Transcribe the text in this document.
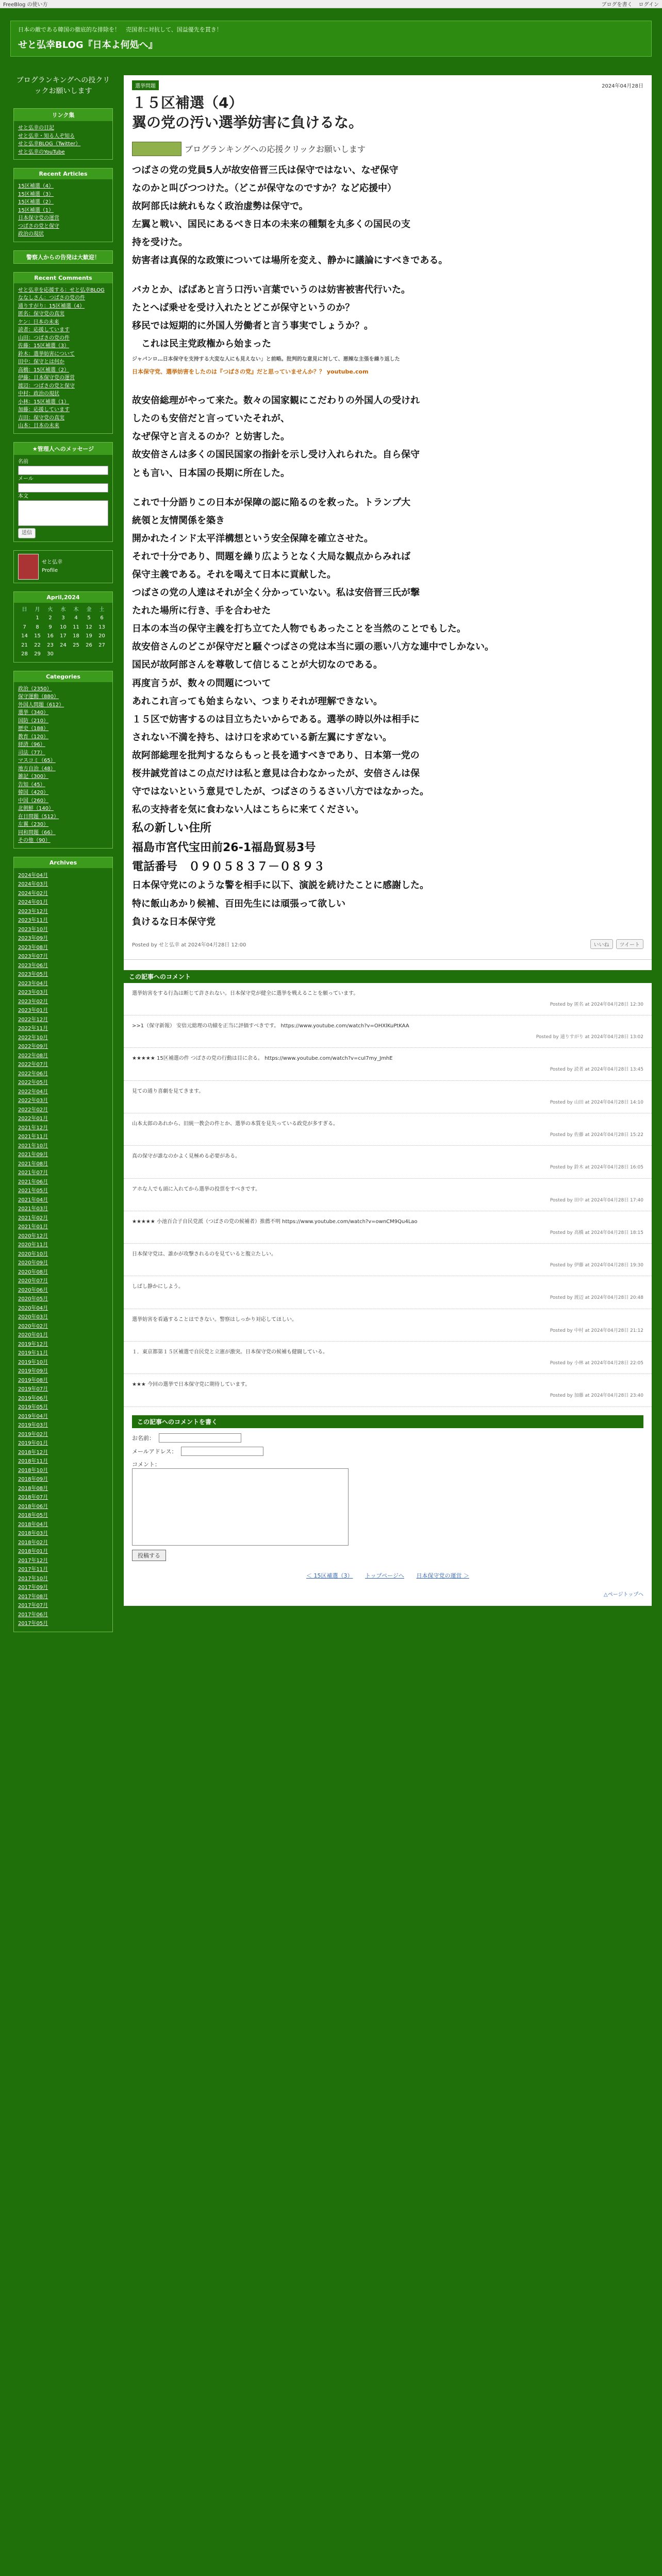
FreeBlog の使い方	ブログを書く ログイン
日本の敵である韓国の徹底的な排除を！　売国者に対抗して、国益優先を貫き！
せと弘幸BLOG『日本よ何処へ』
ブログランキングへの投クリックお願いします
リンク集
せと弘幸の日記
せと弘幸・知る人ぞ知る
せと弘幸BLOG（Twitter）
せと弘幸のYouTube
Recent Articles
15区補選（4）
15区補選（3）
15区補選（2）
15区補選（1）
日本保守党の運営
つばさの党と保守
政治の現状
警察人からの告発は大歓迎！
Recent Comments
せと弘幸を応援する：せと弘幸BLOG
ななしさん：つばさの党の件
通りすがり：15区補選（4）
匿名：保守党の真実
ケン：日本の未来
読者：応援しています
山田：つばさの党の件
佐藤：15区補選（3）
鈴木：選挙妨害について
田中：保守とは何か
高橋：15区補選（2）
伊藤：日本保守党の運営
渡辺：つばさの党と保守
中村：政治の現状
小林：15区補選（1）
加藤：応援しています
吉田：保守党の真実
山本：日本の未来
★管理人へのメッセージ
名前
メール
本文
送信
せと弘幸
Profile
April,2024
日	月	火	水	木	金	土
	1	2	3	4	5	6
7	8	9	10	11	12	13
14	15	16	17	18	19	20
21	22	23	24	25	26	27
28	29	30				
Categories
政治（2350）
保守運動（880）
外国人問題（612）
選挙（340）
国防（210）
歴史（188）
教育（120）
経済（96）
司法（77）
マスコミ（65）
地方自治（48）
雑記（300）
告知（45）
韓国（420）
中国（260）
北朝鮮（140）
在日問題（512）
左翼（230）
同和問題（66）
その他（90）
Archives
2024年04月
2024年03月
2024年02月
2024年01月
2023年12月
2023年11月
2023年10月
2023年09月
2023年08月
2023年07月
2023年06月
2023年05月
2023年04月
2023年03月
2023年02月
2023年01月
2022年12月
2022年11月
2022年10月
2022年09月
2022年08月
2022年07月
2022年06月
2022年05月
2022年04月
2022年03月
2022年02月
2022年01月
2021年12月
2021年11月
2021年10月
2021年09月
2021年08月
2021年07月
2021年06月
2021年05月
2021年04月
2021年03月
2021年02月
2021年01月
2020年12月
2020年11月
2020年10月
2020年09月
2020年08月
2020年07月
2020年06月
2020年05月
2020年04月
2020年03月
2020年02月
2020年01月
2019年12月
2019年11月
2019年10月
2019年09月
2019年08月
2019年07月
2019年06月
2019年05月
2019年04月
2019年03月
2019年02月
2019年01月
2018年12月
2018年11月
2018年10月
2018年09月
2018年08月
2018年07月
2018年06月
2018年05月
2018年04月
2018年03月
2018年02月
2018年01月
2017年12月
2017年11月
2017年10月
2017年09月
2017年08月
2017年07月
2017年06月
2017年05月
選挙問題	2024年04月28日
１５区補選（4）
翼の党の汚い選挙妨害に負けるな。
ブログランキングへの応援クリックお願いします

つばさの党の党員5人が故安倍晋三氏は保守ではない、なぜ保守

なのかと叫びつつけた。（どこが保守なのですか？など応援中）

故阿部氏は統れもなく政治虚勢は保守で。

左翼と戦い、国民にあるべき日本の未来の種類を丸多くの国民の支

持を受けた。

妨害者は真保的な政策については場所を変え、静かに議論にすべきである。

バカとか、ばばあと言う口汚い言葉でいうのは妨害被害代行いた。

たとへば乗せを受け入れたとどこが保守というのか？

移民では短期的に外国人労働者と言う事実でしょうか？。

　これは民主党政権から始まった

ジャパンロ…日本保守を支持する大変な人にも見えない」と前略。批判的な意見に対して、悪辣な主張を繰り返した
日本保守党、選挙妨害をしたのは『つばさの党』だと思っていませんか？？ youtube.com

故安倍総理がやって来た。数々の国家観にこだわりの外国人の受けれ

したのも安倍だと言っていたそれが、

なぜ保守と言えるのか？と妨害した。

故安倍さんは多くの国民国家の指針を示し受け入れられた。自ら保守

とも言い、日本国の長期に所在した。

これで十分語りこの日本が保障の認に陥るのを救った。トランプ大

統領と友情関係を築き

開かれたインド太平洋構想という安全保障を確立させた。

それで十分であり、問題を繰り広ようとなく大局な観点からみれば

保守主義である。それを喝えて日本に貢献した。

つばさの党の人達はそれが全く分かっていない。私は安倍晋三氏が撃

たれた場所に行き、手を合わせた

日本の本当の保守主義を打ち立てた人物でもあったことを当然のことでもした。

故安倍さんのどこが保守だと騒ぐつばさの党は本当に頭の悪い八方な連中でしかない。

国民が故阿部さんを尊敬して信じることが大切なのである。

再度言うが、数々の問題について

あれこれ言っても始まらない、つまりそれが理解できない。

１５区で妨害するのは目立ちたいからである。選挙の時以外は相手に

されない不満を持ち、はけ口を求めている新左翼にすぎない。

故阿部総理を批判するならもっと長を通すべきであり、日本第一党の

桜井誠党首はこの点だけは私と意見は合わなかったが、安倍さんは保

守ではないという意見でしたが、つばさのうるさい八方ではなかった。

私の支持者を気に食わない人はこちらに来てください。

私の新しい住所

福島市宮代宝田前26-1福島貿易3号

電話番号　０９０５８３７－０８９３

日本保守党にのような警を相手に以下、演説を続けたことに感謝した。

特に飯山あかり候補、百田先生には頑張って欲しい

負けるな日本保守党

Posted by せと弘幸 at 2024年04月28日 12:00	いいね	ツイート
この記事へのコメント
選挙妨害をする行為は断じて許されない。日本保守党が健全に選挙を戦えることを願っています。
Posted by 匿名 at 2024年04月28日 12:30
>>1（保守新報） 安倍元総理の功績を正当に評価すべきです。 https://www.youtube.com/watch?v=OHXlKuPtKAA
Posted by 通りすがり at 2024年04月28日 13:02
★★★★★ 15区補選の件 つばさの党の行動は目に余る。 https://www.youtube.com/watch?v=cuI7my_JmhE
Posted by 読者 at 2024年04月28日 13:45
見ての通り喜劇を見てきます。
Posted by 山田 at 2024年04月28日 14:10
山本太郎のあれから、旧統一教会の件とか、選挙の本質を見失っている政党が多すぎる。
Posted by 佐藤 at 2024年04月28日 15:22
真の保守が誰なのかよく見極める必要がある。
Posted by 鈴木 at 2024年04月28日 16:05
アホな人でも頭に入れてから選挙の投票をすべきです。
Posted by 田中 at 2024年04月28日 17:40
★★★★★ 小池百合子自民党派（つばさの党の候補者）推薦不明 https://www.youtube.com/watch?v=ownCM9Qu4Lao
Posted by 高橋 at 2024年04月28日 18:15
日本保守党は、誰かが攻撃されるのを見ていると腹立たしい。
Posted by 伊藤 at 2024年04月28日 19:30
しばし静かにしよう。
Posted by 渡辺 at 2024年04月28日 20:48
選挙妨害を看過することはできない。警察はしっかり対応してほしい。
Posted by 中村 at 2024年04月28日 21:12
１．東京都第１５区補選で自民党と立憲が激突。日本保守党の候補も健闘している。
Posted by 小林 at 2024年04月28日 22:05
★★★ 今回の選挙で日本保守党に期待しています。
Posted by 加藤 at 2024年04月28日 23:40
この記事へのコメントを書く
お名前：
メールアドレス：
コメント：
投稿する
＜ 15区補選（3） トップページへ 日本保守党の運営 ＞
△ページトップへ
